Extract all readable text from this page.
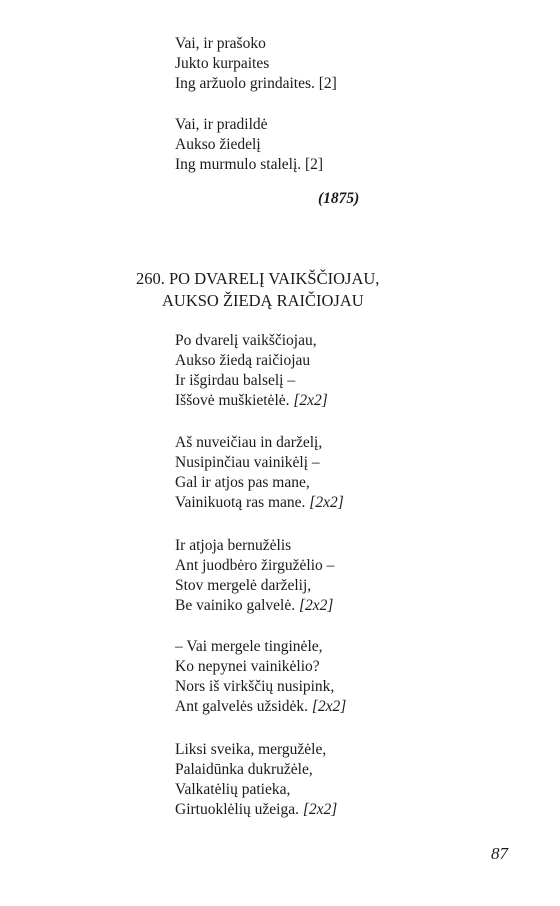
Vai, ir prašoko

Jukto kurpaites

Ing aržuolo grindaites. [2]

Vai, ir pradildė

Aukso žiedelį

Ing murmulo stalelį. [2]

(1875)
260. PO DVARELĮ VAIKŠČIOJAU,
AUKSO ŽIEDĄ RAIČIOJAU

Po dvarelį vaikščiojau,

Aukso žiedą raičiojau

Ir išgirdau balselį –

Iššovė muškietėlė. [2x2]

Aš nuveičiau in darželį,

Nusipinčiau vainikėlį –

Gal ir atjos pas mane,

Vainikuotą ras mane. [2x2]

Ir atjoja bernužėlis

Ant juodbėro žirgužėlio –

Stov mergelė darželij,

Be vainiko galvelė. [2x2]

– Vai mergele tinginėle,

Ko nepynei vainikėlio?

Nors iš virkščių nusipink,

Ant galvelės užsidėk. [2x2]

Liksi sveika, mergužėle,

Palaidūnka dukružėle,

Valkatėlių patieka,

Girtuoklėlių užeiga. [2x2]

87
